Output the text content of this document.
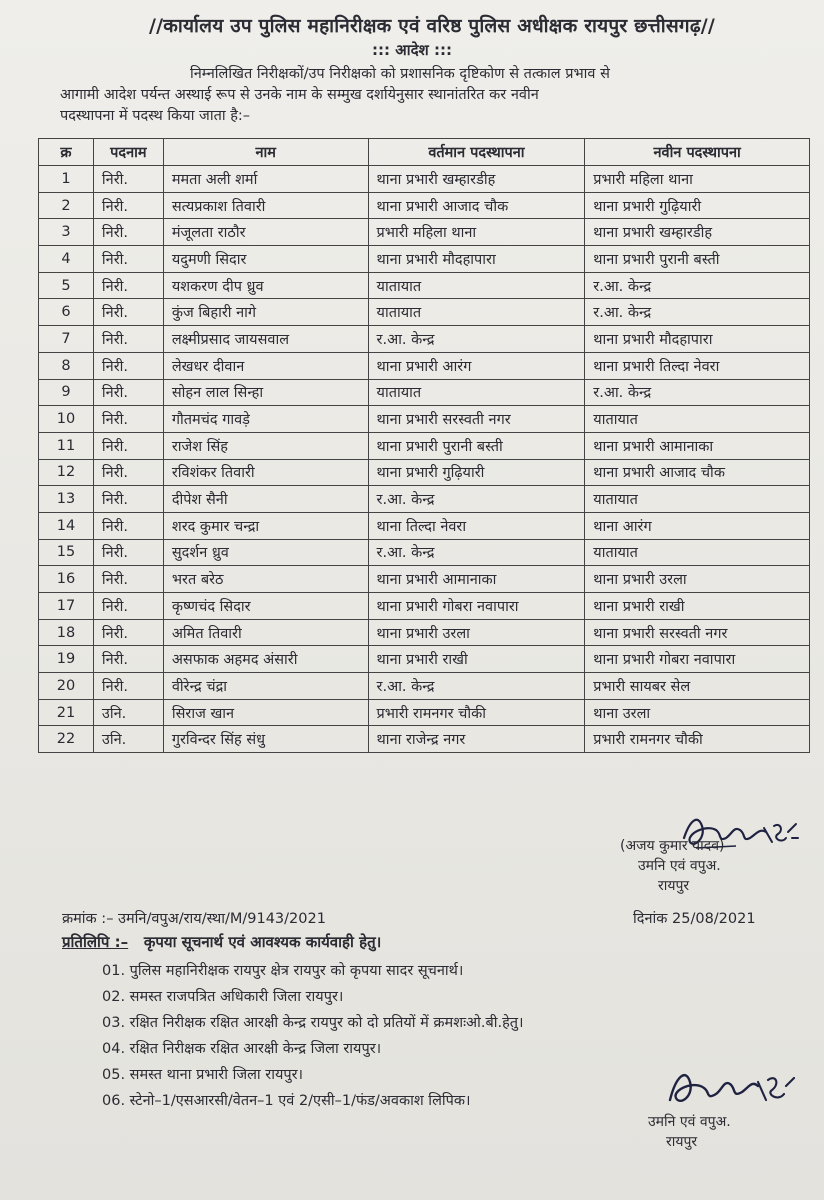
//कार्यालय उप पुलिस महानिरीक्षक एवं वरिष्ठ पुलिस अधीक्षक रायपुर छत्तीसगढ़//
::: आदेश :::
निम्नलिखित निरीक्षकों/उप निरीक्षको को प्रशासनिक दृष्टिकोण से तत्काल प्रभाव से
आगामी आदेश पर्यन्त अस्थाई रूप से उनके नाम के सम्मुख दर्शायेनुसार स्थानांतरित कर नवीन
पदस्थापना में पदस्थ किया जाता है:–
क्र	पदनाम	नाम	वर्तमान पदस्थापना	नवीन पदस्थापना
1	निरी.	ममता अली शर्मा	थाना प्रभारी खम्हारडीह	प्रभारी महिला थाना
2	निरी.	सत्यप्रकाश तिवारी	थाना प्रभारी आजाद चौक	थाना प्रभारी गुढ़ियारी
3	निरी.	मंजूलता राठौर	प्रभारी महिला थाना	थाना प्रभारी खम्हारडीह
4	निरी.	यदुमणी सिदार	थाना प्रभारी मौदहापारा	थाना प्रभारी पुरानी बस्ती
5	निरी.	यशकरण दीप ध्रुव	यातायात	र.आ. केन्द्र
6	निरी.	कुंज बिहारी नागे	यातायात	र.आ. केन्द्र
7	निरी.	लक्ष्मीप्रसाद जायसवाल	र.आ. केन्द्र	थाना प्रभारी मौदहापारा
8	निरी.	लेखधर दीवान	थाना प्रभारी आरंग	थाना प्रभारी तिल्दा नेवरा
9	निरी.	सोहन लाल सिन्हा	यातायात	र.आ. केन्द्र
10	निरी.	गौतमचंद गावड़े	थाना प्रभारी सरस्वती नगर	यातायात
11	निरी.	राजेश सिंह	थाना प्रभारी पुरानी बस्ती	थाना प्रभारी आमानाका
12	निरी.	रविशंकर तिवारी	थाना प्रभारी गुढ़ियारी	थाना प्रभारी आजाद चौक
13	निरी.	दीपेश सैनी	र.आ. केन्द्र	यातायात
14	निरी.	शरद कुमार चन्द्रा	थाना तिल्दा नेवरा	थाना आरंग
15	निरी.	सुदर्शन ध्रुव	र.आ. केन्द्र	यातायात
16	निरी.	भरत बरेठ	थाना प्रभारी आमानाका	थाना प्रभारी उरला
17	निरी.	कृष्णचंद सिदार	थाना प्रभारी गोबरा नवापारा	थाना प्रभारी राखी
18	निरी.	अमित तिवारी	थाना प्रभारी उरला	थाना प्रभारी सरस्वती नगर
19	निरी.	असफाक अहमद अंसारी	थाना प्रभारी राखी	थाना प्रभारी गोबरा नवापारा
20	निरी.	वीरेन्द्र चंद्रा	र.आ. केन्द्र	प्रभारी सायबर सेल
21	उनि.	सिराज खान	प्रभारी रामनगर चौकी	थाना उरला
22	उनि.	गुरविन्दर सिंह संधु	थाना राजेन्द्र नगर	प्रभारी रामनगर चौकी
(अजय कुमार यादव)
उमनि एवं वपुअ.
रायपुर
क्रमांक :– उमनि/वपुअ/राय/स्था/M/9143/2021	दिनांक 25/08/2021
प्रतिलिपि :– कृपया सूचनार्थ एवं आवश्यक कार्यवाही हेतु।
01. पुलिस महानिरीक्षक रायपुर क्षेत्र रायपुर को कृपया सादर सूचनार्थ।
02. समस्त राजपत्रित अधिकारी जिला रायपुर।
03. रक्षित निरीक्षक रक्षित आरक्षी केन्द्र रायपुर को दो प्रतियों में क्रमशःओ.बी.हेतु।
04. रक्षित निरीक्षक रक्षित आरक्षी केन्द्र जिला रायपुर।
05. समस्त थाना प्रभारी जिला रायपुर।
06. स्टेनो–1/एसआरसी/वेतन–1 एवं 2/एसी–1/फंड/अवकाश लिपिक।
उमनि एवं वपुअ.
रायपुर
